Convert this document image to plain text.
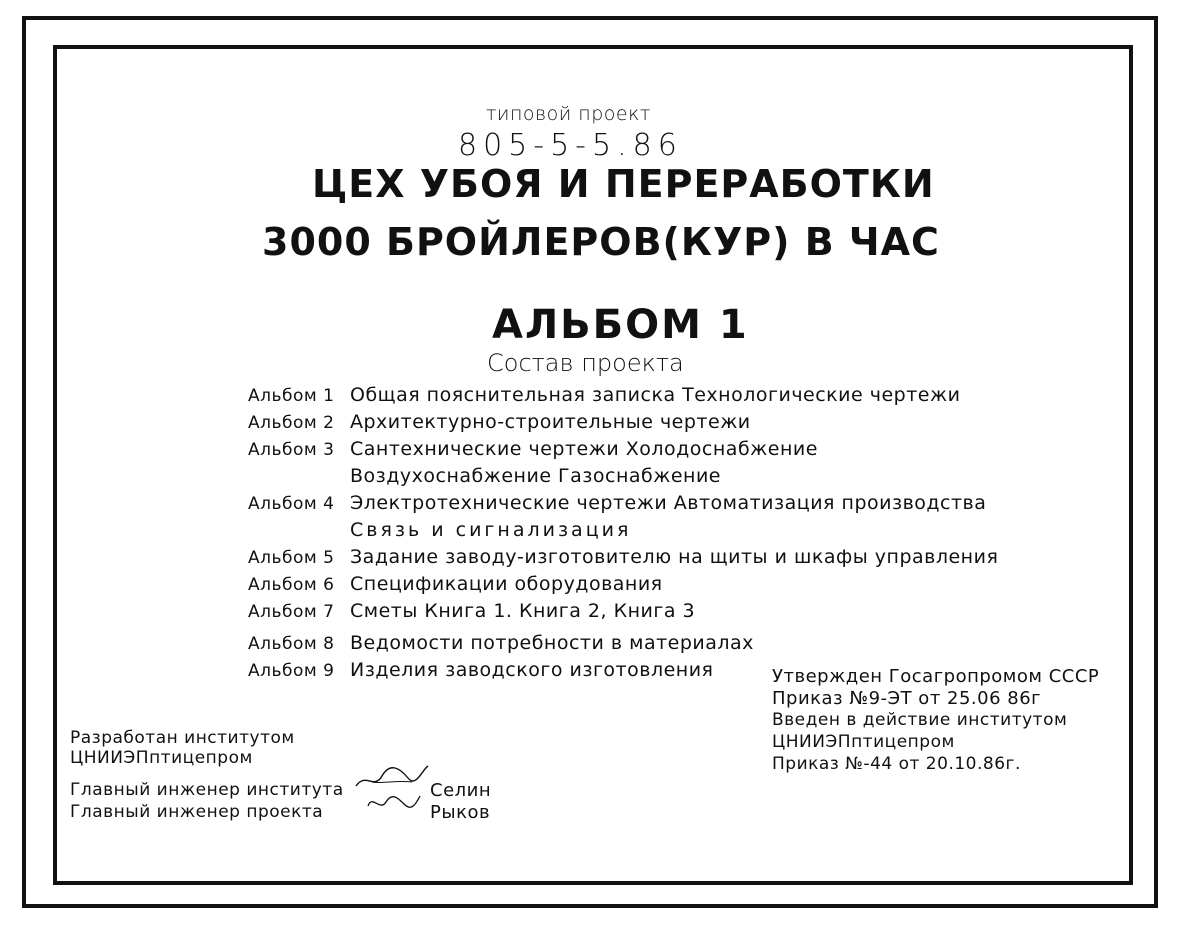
типовой проект
805-5-5.86
ЦЕХ УБОЯ И ПЕРЕРАБОТКИ
3000 БРОЙЛЕРОВ(КУР) В ЧАС
АЛЬБОМ 1
Состав проекта
Альбом 1 Общая пояснительная записка Технологические чертежи
Альбом 2 Архитектурно-строительные чертежи
Альбом 3 Сантехнические чертежи Холодоснабжение
Воздухоснабжение Газоснабжение
Альбом 4 Электротехнические чертежи Автоматизация производства
Связь и сигнализация
Альбом 5 Задание заводу-изготовителю на щиты и шкафы управления
Альбом 6 Спецификации оборудования
Альбом 7 Сметы Книга 1. Книга 2, Книга 3
Альбом 8 Ведомости потребности в материалах
Альбом 9 Изделия заводского изготовления	Утвержден Госагропромом СССР
Приказ №9-ЭТ от 25.06 86г
Введен в действие институтом
ЦНИИЭПптицепром
Приказ №-44 от 20.10.86г.
Разработан институтом
ЦНИИЭПптицепром
Главный инженер института	Селин
Главный инженер проекта	Рыков
